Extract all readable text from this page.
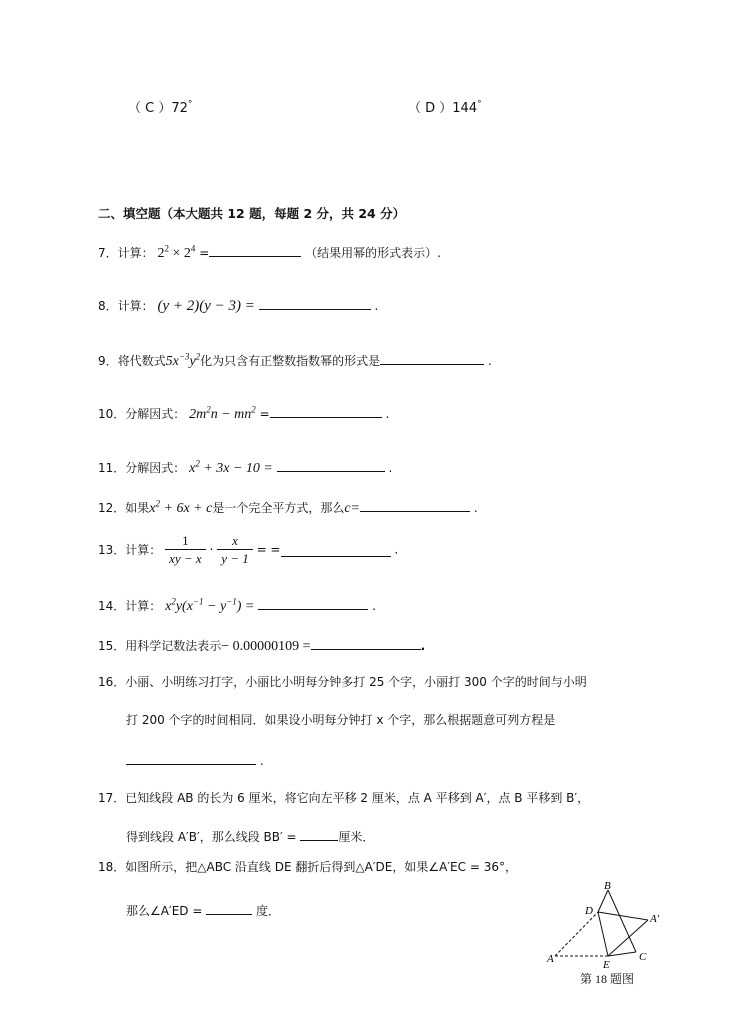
（ C ）72°	（ D ）144°
二、填空题（本大题共 12 题，每题 2 分，共 24 分）
7．计算： $2^2 \times 2^4$ =	（结果用幂的形式表示）.
8．计算： (y + 2)(y − 3) =	.
9．将代数式$5x^{-3}y^2$化为只含有正整数指数幂的形式是	.
10．分解因式： $2m^2n - mn^2$ =	.
11．分解因式： $x^2 + 3x - 10$ =	.
12．如果$x^2 + 6x + c$是一个完全平方式，那么c=	.
13．计算： $\frac{1}{xy - x} \cdot \frac{x}{y - 1}$ = =	.
14．计算： $x^2y(x^{-1} - y^{-1})$ =	.
15．用科学记数法表示− 0.00000109 =	.
16．小丽、小明练习打字，小丽比小明每分钟多打 25 个字，小丽打 300 个字的时间与小明
打 200 个字的时间相同．如果设小明每分钟打 x 个字，那么根据题意可列方程是
.
17．已知线段 AB 的长为 6 厘米，将它向左平移 2 厘米，点 A 平移到 A′，点 B 平移到 B′，
得到线段 A′B′，那么线段 BB′ =	厘米．
18．如图所示，把△ABC 沿直线 DE 翻折后得到△A′DE，如果∠A′EC = 36°，
那么∠A′ED =	度．
A
B
C
D
E
A′
第 18 题图
